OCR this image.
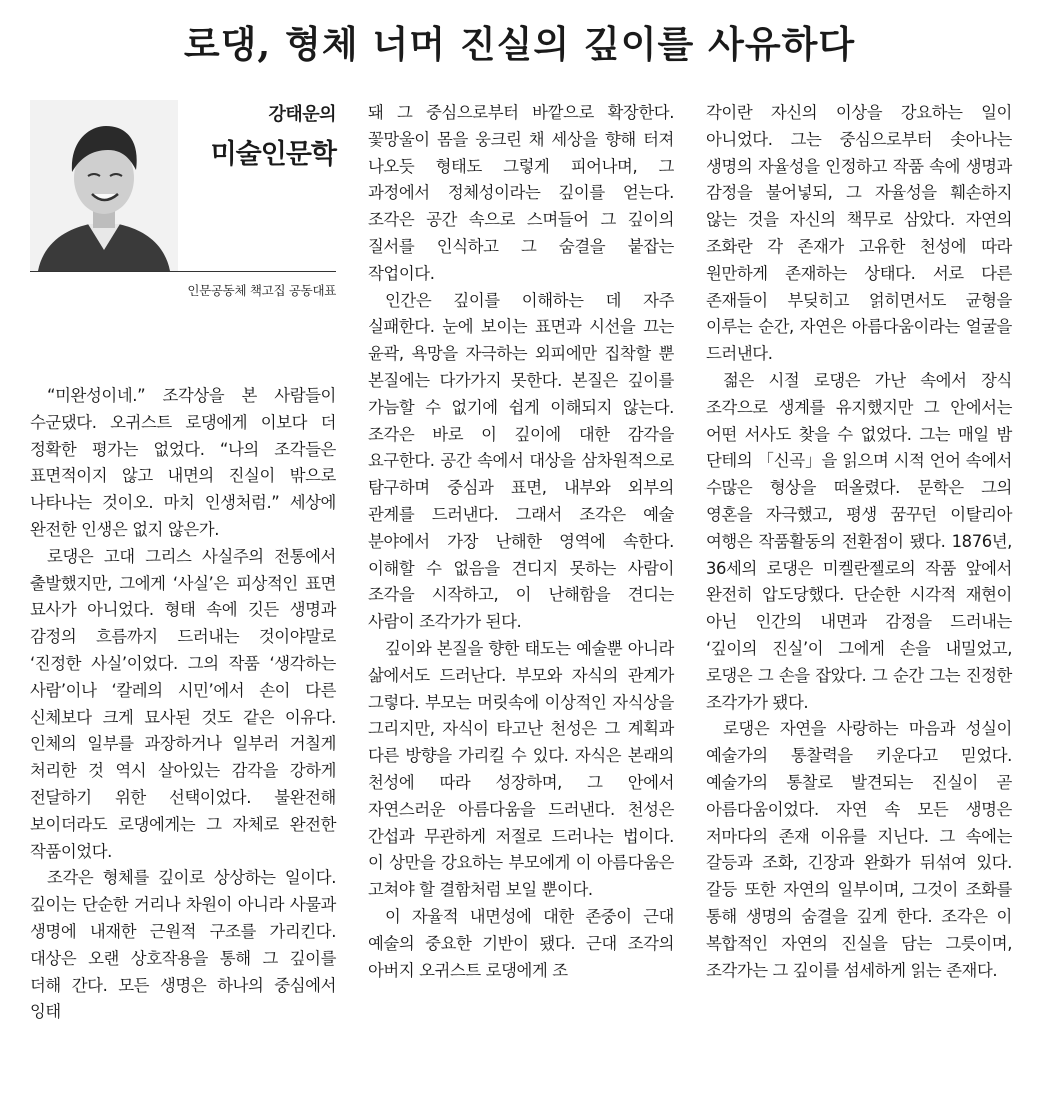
로댕, 형체 너머 진실의 깊이를 사유하다
강태운의
미술인문학
인문공동체 책고집 공동대표

“미완성이네.” 조각상을 본 사람들이 수군댔다. 오귀스트 로댕에게 이보다 더 정확한 평가는 없었다. “나의 조각들은 표면적이지 않고 내면의 진실이 밖으로 나타나는 것이오. 마치 인생처럼.” 세상에 완전한 인생은 없지 않은가.

로댕은 고대 그리스 사실주의 전통에서 출발했지만, 그에게 ‘사실’은 피상적인 표면 묘사가 아니었다. 형태 속에 깃든 생명과 감정의 흐름까지 드러내는 것이야말로 ‘진정한 사실’이었다. 그의 작품 ‘생각하는 사람’이나 ‘칼레의 시민’에서 손이 다른 신체보다 크게 묘사된 것도 같은 이유다. 인체의 일부를 과장하거나 일부러 거칠게 처리한 것 역시 살아있는 감각을 강하게 전달하기 위한 선택이었다. 불완전해 보이더라도 로댕에게는 그 자체로 완전한 작품이었다.

조각은 형체를 깊이로 상상하는 일이다. 깊이는 단순한 거리나 차원이 아니라 사물과 생명에 내재한 근원적 구조를 가리킨다. 대상은 오랜 상호작용을 통해 그 깊이를 더해 간다. 모든 생명은 하나의 중심에서 잉태

돼 그 중심으로부터 바깥으로 확장한다. 꽃망울이 몸을 웅크린 채 세상을 향해 터져 나오듯 형태도 그렇게 피어나며, 그 과정에서 정체성이라는 깊이를 얻는다. 조각은 공간 속으로 스며들어 그 깊이의 질서를 인식하고 그 숨결을 붙잡는 작업이다.

인간은 깊이를 이해하는 데 자주 실패한다. 눈에 보이는 표면과 시선을 끄는 윤곽, 욕망을 자극하는 외피에만 집착할 뿐 본질에는 다가가지 못한다. 본질은 깊이를 가늠할 수 없기에 쉽게 이해되지 않는다. 조각은 바로 이 깊이에 대한 감각을 요구한다. 공간 속에서 대상을 삼차원적으로 탐구하며 중심과 표면, 내부와 외부의 관계를 드러낸다. 그래서 조각은 예술 분야에서 가장 난해한 영역에 속한다. 이해할 수 없음을 견디지 못하는 사람이 조각을 시작하고, 이 난해함을 견디는 사람이 조각가가 된다.

깊이와 본질을 향한 태도는 예술뿐 아니라 삶에서도 드러난다. 부모와 자식의 관계가 그렇다. 부모는 머릿속에 이상적인 자식상을 그리지만, 자식이 타고난 천성은 그 계획과 다른 방향을 가리킬 수 있다. 자식은 본래의 천성에 따라 성장하며, 그 안에서 자연스러운 아름다움을 드러낸다. 천성은 간섭과 무관하게 저절로 드러나는 법이다. 이 상만을 강요하는 부모에게 이 아름다움은 고쳐야 할 결함처럼 보일 뿐이다.

이 자율적 내면성에 대한 존중이 근대 예술의 중요한 기반이 됐다. 근대 조각의 아버지 오귀스트 로댕에게 조

각이란 자신의 이상을 강요하는 일이 아니었다. 그는 중심으로부터 솟아나는 생명의 자율성을 인정하고 작품 속에 생명과 감정을 불어넣되, 그 자율성을 훼손하지 않는 것을 자신의 책무로 삼았다. 자연의 조화란 각 존재가 고유한 천성에 따라 원만하게 존재하는 상태다. 서로 다른 존재들이 부딪히고 얽히면서도 균형을 이루는 순간, 자연은 아름다움이라는 얼굴을 드러낸다.

젊은 시절 로댕은 가난 속에서 장식 조각으로 생계를 유지했지만 그 안에서는 어떤 서사도 찾을 수 없었다. 그는 매일 밤 단테의 「신곡」을 읽으며 시적 언어 속에서 수많은 형상을 떠올렸다. 문학은 그의 영혼을 자극했고, 평생 꿈꾸던 이탈리아 여행은 작품활동의 전환점이 됐다. 1876년, 36세의 로댕은 미켈란젤로의 작품 앞에서 완전히 압도당했다. 단순한 시각적 재현이 아닌 인간의 내면과 감정을 드러내는 ‘깊이의 진실’이 그에게 손을 내밀었고, 로댕은 그 손을 잡았다. 그 순간 그는 진정한 조각가가 됐다.

로댕은 자연을 사랑하는 마음과 성실이 예술가의 통찰력을 키운다고 믿었다. 예술가의 통찰로 발견되는 진실이 곧 아름다움이었다. 자연 속 모든 생명은 저마다의 존재 이유를 지닌다. 그 속에는 갈등과 조화, 긴장과 완화가 뒤섞여 있다. 갈등 또한 자연의 일부이며, 그것이 조화를 통해 생명의 숨결을 깊게 한다. 조각은 이 복합적인 자연의 진실을 담는 그릇이며, 조각가는 그 깊이를 섬세하게 읽는 존재다.
